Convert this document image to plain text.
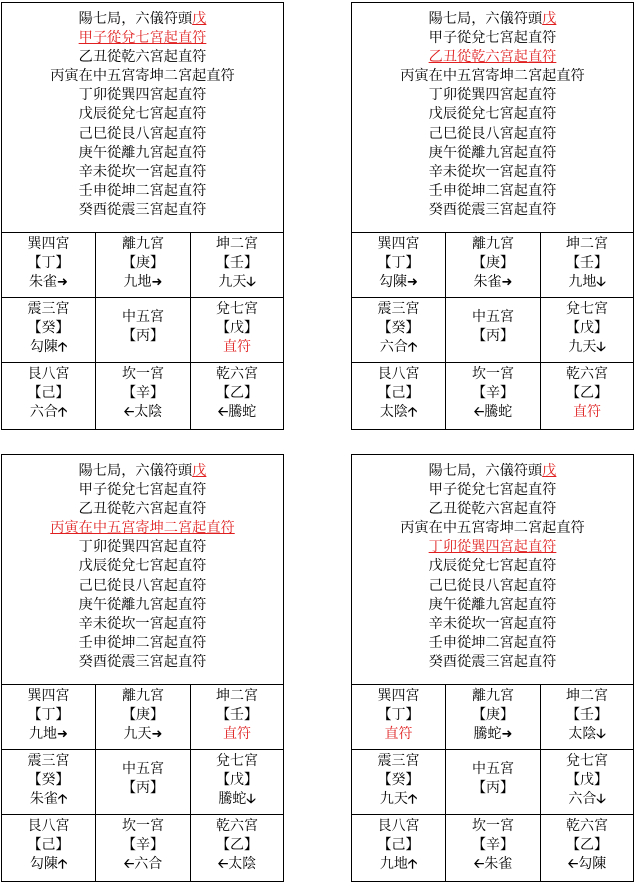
陽七局，六儀符頭戊
甲子從兌七宮起直符
乙丑從乾六宮起直符
丙寅在中五宮寄坤二宮起直符
丁卯從巽四宮起直符
戊辰從兌七宮起直符
己巳從艮八宮起直符
庚午從離九宮起直符
辛未從坎一宮起直符
壬申從坤二宮起直符
癸酉從震三宮起直符
巽四宮
【丁】
朱雀➜
離九宮
【庚】
九地➜
坤二宮
【壬】
九天🡣
震三宮
【癸】
勾陳🡡
中五宮
【丙】
兌七宮
【戊】
直符
艮八宮
【己】
六合🡡
坎一宮
【辛】
🡠太陰
乾六宮
【乙】
🡠騰蛇
陽七局，六儀符頭戊
甲子從兌七宮起直符
乙丑從乾六宮起直符
丙寅在中五宮寄坤二宮起直符
丁卯從巽四宮起直符
戊辰從兌七宮起直符
己巳從艮八宮起直符
庚午從離九宮起直符
辛未從坎一宮起直符
壬申從坤二宮起直符
癸酉從震三宮起直符
巽四宮
【丁】
勾陳➜
離九宮
【庚】
朱雀➜
坤二宮
【壬】
九地🡣
震三宮
【癸】
六合🡡
中五宮
【丙】
兌七宮
【戊】
九天🡣
艮八宮
【己】
太陰🡡
坎一宮
【辛】
🡠騰蛇
乾六宮
【乙】
直符
陽七局，六儀符頭戊
甲子從兌七宮起直符
乙丑從乾六宮起直符
丙寅在中五宮寄坤二宮起直符
丁卯從巽四宮起直符
戊辰從兌七宮起直符
己巳從艮八宮起直符
庚午從離九宮起直符
辛未從坎一宮起直符
壬申從坤二宮起直符
癸酉從震三宮起直符
巽四宮
【丁】
九地➜
離九宮
【庚】
九天➜
坤二宮
【壬】
直符
震三宮
【癸】
朱雀🡡
中五宮
【丙】
兌七宮
【戊】
騰蛇🡣
艮八宮
【己】
勾陳🡡
坎一宮
【辛】
🡠六合
乾六宮
【乙】
🡠太陰
陽七局，六儀符頭戊
甲子從兌七宮起直符
乙丑從乾六宮起直符
丙寅在中五宮寄坤二宮起直符
丁卯從巽四宮起直符
戊辰從兌七宮起直符
己巳從艮八宮起直符
庚午從離九宮起直符
辛未從坎一宮起直符
壬申從坤二宮起直符
癸酉從震三宮起直符
巽四宮
【丁】
直符
離九宮
【庚】
騰蛇➜
坤二宮
【壬】
太陰🡣
震三宮
【癸】
九天🡡
中五宮
【丙】
兌七宮
【戊】
六合🡣
艮八宮
【己】
九地🡡
坎一宮
【辛】
🡠朱雀
乾六宮
【乙】
🡠勾陳
